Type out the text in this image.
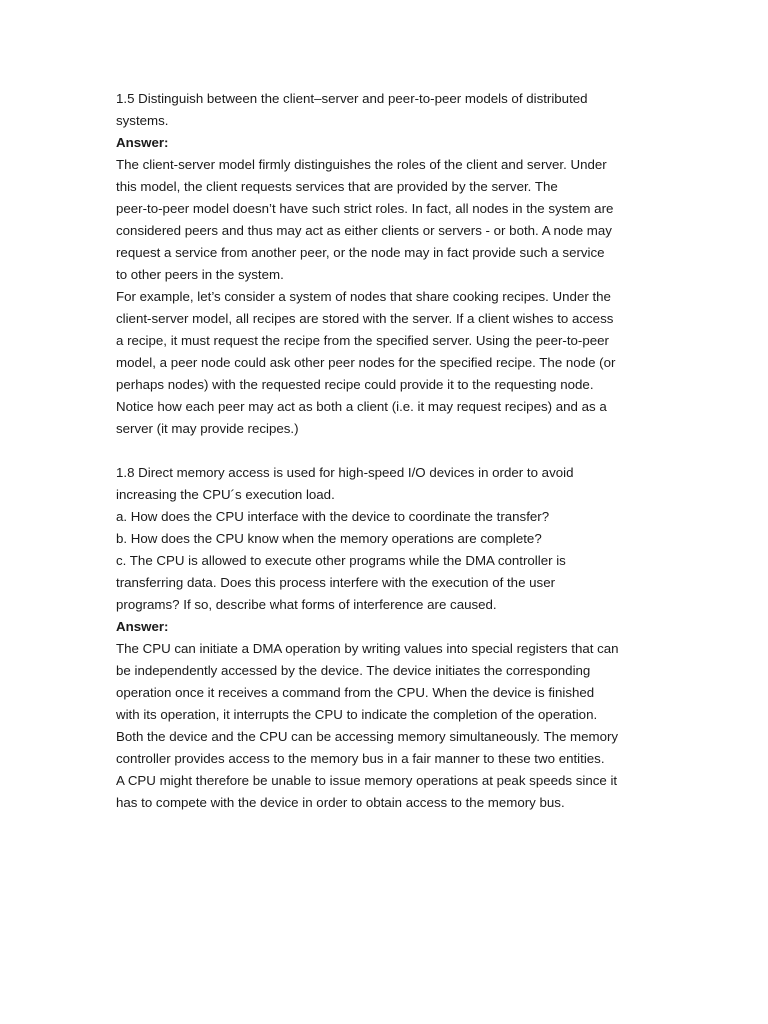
1.5 Distinguish between the client–server and peer-to-peer models of distributed
systems.
Answer:
The client-server model firmly distinguishes the roles of the client and server. Under
this model, the client requests services that are provided by the server. The
peer-to-peer model doesn’t have such strict roles. In fact, all nodes in the system are
considered peers and thus may act as either clients or servers - or both. A node may
request a service from another peer, or the node may in fact provide such a service
to other peers in the system.
For example, let’s consider a system of nodes that share cooking recipes. Under the
client-server model, all recipes are stored with the server. If a client wishes to access
a recipe, it must request the recipe from the specified server. Using the peer-to-peer
model, a peer node could ask other peer nodes for the specified recipe. The node (or
perhaps nodes) with the requested recipe could provide it to the requesting node.
Notice how each peer may act as both a client (i.e. it may request recipes) and as a
server (it may provide recipes.)
1.8 Direct memory access is used for high-speed I/O devices in order to avoid
increasing the CPU´s execution load.
a. How does the CPU interface with the device to coordinate the transfer?
b. How does the CPU know when the memory operations are complete?
c. The CPU is allowed to execute other programs while the DMA controller is
transferring data. Does this process interfere with the execution of the user
programs? If so, describe what forms of interference are caused.
Answer:
The CPU can initiate a DMA operation by writing values into special registers that can
be independently accessed by the device. The device initiates the corresponding
operation once it receives a command from the CPU. When the device is finished
with its operation, it interrupts the CPU to indicate the completion of the operation.
Both the device and the CPU can be accessing memory simultaneously. The memory
controller provides access to the memory bus in a fair manner to these two entities.
A CPU might therefore be unable to issue memory operations at peak speeds since it
has to compete with the device in order to obtain access to the memory bus.
